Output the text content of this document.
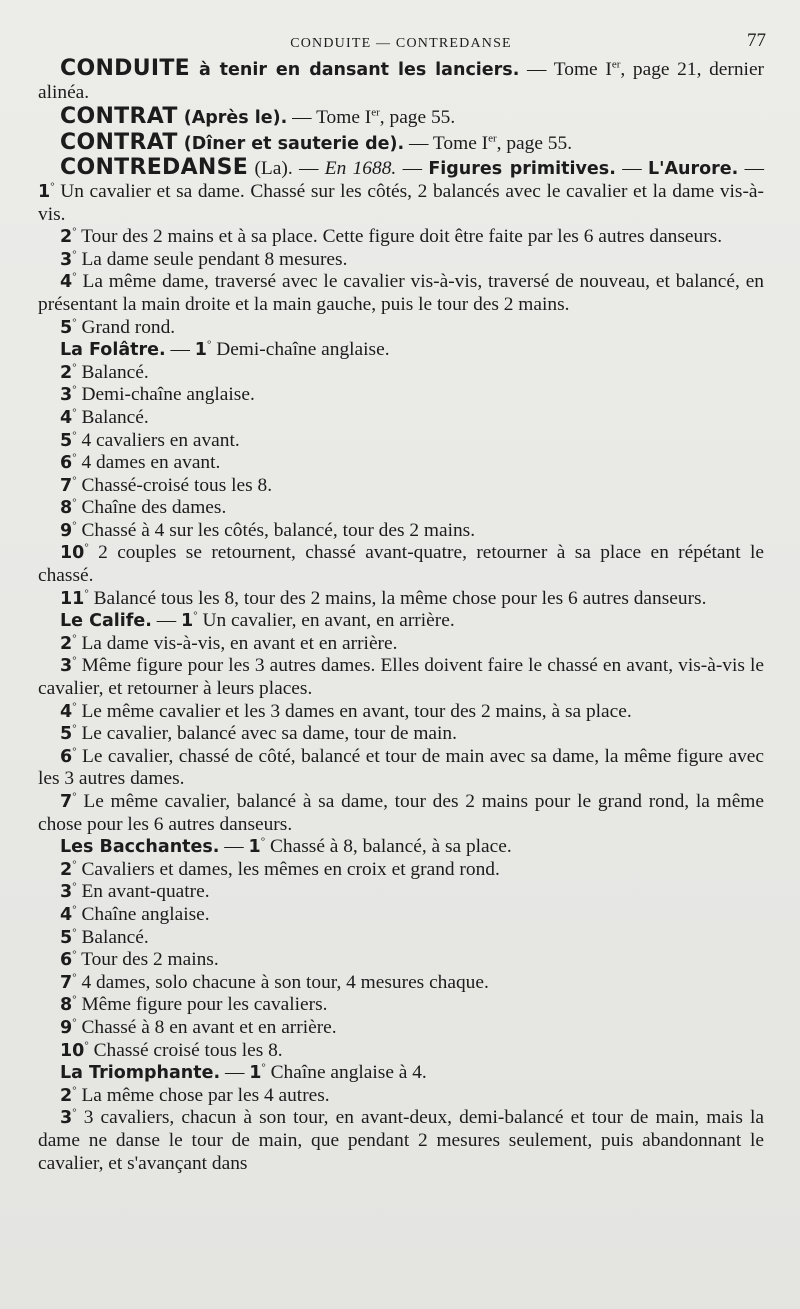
CONDUITE — CONTREDANSE	77

CONDUITE à tenir en dansant les lanciers. — Tome Ier, page 21, dernier alinéa.

CONTRAT (Après le). — Tome Ier, page 55.

CONTRAT (Dîner et sauterie de). — Tome Ier, page 55.

CONTREDANSE (La). — En 1688. — Figures primitives. — L'Aurore. — 1° Un cavalier et sa dame. Chassé sur les côtés, 2 balancés avec le cavalier et la dame vis-à-vis.

2° Tour des 2 mains et à sa place. Cette figure doit être faite par les 6 autres danseurs.

3° La dame seule pendant 8 mesures.

4° La même dame, traversé avec le cavalier vis-à-vis, traversé de nouveau, et balancé, en présentant la main droite et la main gauche, puis le tour des 2 mains.

5° Grand rond.

La Folâtre. — 1° Demi-chaîne anglaise.

2° Balancé.

3° Demi-chaîne anglaise.

4° Balancé.

5° 4 cavaliers en avant.

6° 4 dames en avant.

7° Chassé-croisé tous les 8.

8° Chaîne des dames.

9° Chassé à 4 sur les côtés, balancé, tour des 2 mains.

10° 2 couples se retournent, chassé avant-quatre, retourner à sa place en répétant le chassé.

11° Balancé tous les 8, tour des 2 mains, la même chose pour les 6 autres danseurs.

Le Calife. — 1° Un cavalier, en avant, en arrière.

2° La dame vis-à-vis, en avant et en arrière.

3° Même figure pour les 3 autres dames. Elles doivent faire le chassé en avant, vis-à-vis le cavalier, et retourner à leurs places.

4° Le même cavalier et les 3 dames en avant, tour des 2 mains, à sa place.

5° Le cavalier, balancé avec sa dame, tour de main.

6° Le cavalier, chassé de côté, balancé et tour de main avec sa dame, la même figure avec les 3 autres dames.

7° Le même cavalier, balancé à sa dame, tour des 2 mains pour le grand rond, la même chose pour les 6 autres danseurs.

Les Bacchantes. — 1° Chassé à 8, balancé, à sa place.

2° Cavaliers et dames, les mêmes en croix et grand rond.

3° En avant-quatre.

4° Chaîne anglaise.

5° Balancé.

6° Tour des 2 mains.

7° 4 dames, solo chacune à son tour, 4 mesures chaque.

8° Même figure pour les cavaliers.

9° Chassé à 8 en avant et en arrière.

10° Chassé croisé tous les 8.

La Triomphante. — 1° Chaîne anglaise à 4.

2° La même chose par les 4 autres.

3° 3 cavaliers, chacun à son tour, en avant-deux, demi-balancé et tour de main, mais la dame ne danse le tour de main, que pendant 2 mesures seulement, puis abandonnant le cavalier, et s'avançant dans
